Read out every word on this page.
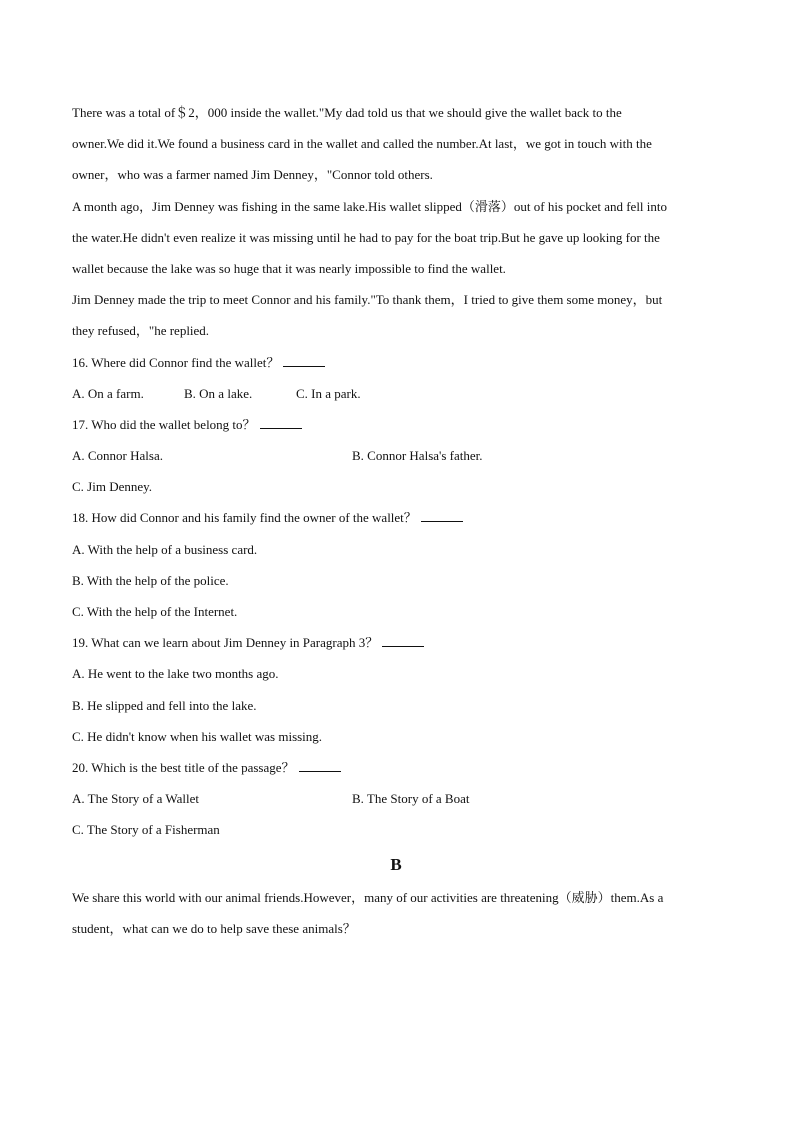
There was a total of＄2，000 inside the wallet."My dad told us that we should give the wallet back to the
owner.We did it.We found a business card in the wallet and called the number.At last，we got in touch with the
owner，who was a farmer named Jim Denney，"Connor told others.
A month ago，Jim Denney was fishing in the same lake.His wallet slipped（滑落）out of his pocket and fell into
the water.He didn't even realize it was missing until he had to pay for the boat trip.But he gave up looking for the
wallet because the lake was so huge that it was nearly impossible to find the wallet.
Jim Denney made the trip to meet Connor and his family."To thank them，I tried to give them some money，but
they refused，"he replied.
16. Where did Connor find the wallet？
A. On a farm.	B. On a lake.	C. In a park.
17. Who did the wallet belong to？
A. Connor Halsa.	B. Connor Halsa's father.
C. Jim Denney.
18. How did Connor and his family find the owner of the wallet？
A. With the help of a business card.
B. With the help of the police.
C. With the help of the Internet.
19. What can we learn about Jim Denney in Paragraph 3？
A. He went to the lake two months ago.
B. He slipped and fell into the lake.
C. He didn't know when his wallet was missing.
20. Which is the best title of the passage？
A. The Story of a Wallet	B. The Story of a Boat
C. The Story of a Fisherman
B
We share this world with our animal friends.However，many of our activities are threatening（威胁）them.As a
student，what can we do to help save these animals？
